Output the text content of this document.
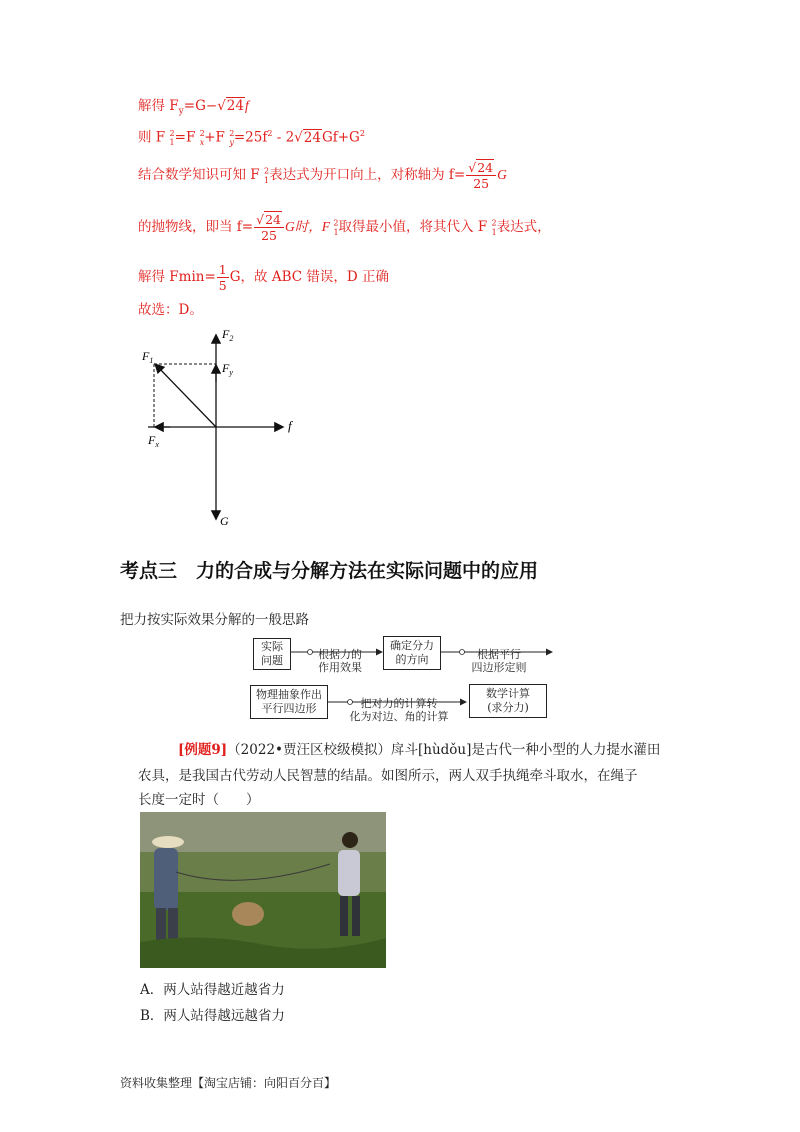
解得 $F_y=G-√24f$
则 F $^2_1$=F $^2_x$+F $^2_y=25f^2 - 2√24Gf+G^2$
结合数学知识可知 F $^2_1$表达式为开口向上，对称轴为 $f= \frac{√24}{25}$ G
的抛物线，即当 $f= \frac{√24}{25}$ G时，F $^2_1$取得最小值，将其代入 F $^2_1$表达式，
解得 $Fmin= \frac{1}{5}$ G，故 ABC 错误，D 正确
故选：D。
$F_2$
$F_1$
$F_y$
$F_x$
f
G
考点三　力的合成与分解方法在实际问题中的应用
把力按实际效果分解的一般思路
实际
问题	根据力的
作用效果
确定分力
的方向	根据平行
四边形定则
物理抽象作出
平行四边形	把对力的计算转
化为对边、角的计算
数学计算
(求分力)
[例题9]（2022•贾汪区校级模拟）戽斗[hùdǒu]是古代一种小型的人力提水灌田
农具，是我国古代劳动人民智慧的结晶。如图所示，两人双手执绳牵斗取水，在绳子
长度一定时（　　）
A．两人站得越近越省力
B．两人站得越远越省力
资料收集整理【淘宝店铺：向阳百分百】
